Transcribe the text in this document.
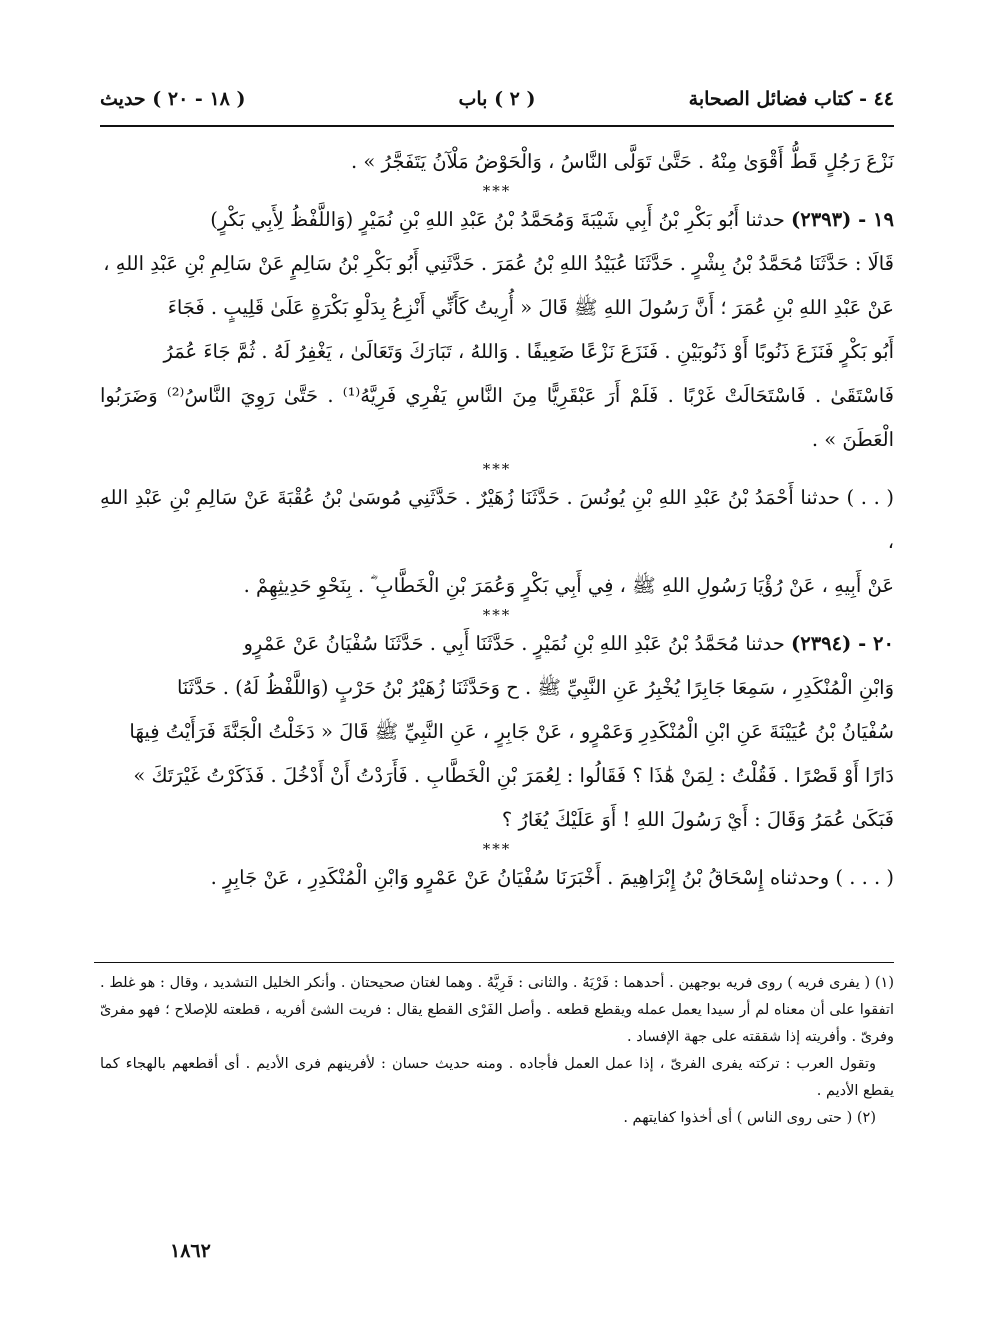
٤٤ - كتاب فضائل الصحابة
( ٢ ) باب
( ١٨ - ٢٠ ) حديث

نَزْعَ رَجُلٍ قَطُّ أَقْوَىٰ مِنْهُ . حَتَّىٰ تَوَلَّى النَّاسُ ، وَالْحَوْضُ مَلْآنُ يَتَفَجَّرُ » .

***

١٩ - (٢٣٩٣) حدثنا أَبُو بَكْرِ بْنُ أَبِي شَيْبَةَ وَمُحَمَّدُ بْنُ عَبْدِ اللهِ بْنِ نُمَيْرٍ (وَاللَّفْظُ لِأَبِي بَكْرٍ)

قَالَا : حَدَّثَنَا مُحَمَّدُ بْنُ بِشْرٍ . حَدَّثَنَا عُبَيْدُ اللهِ بْنُ عُمَرَ . حَدَّثَنِي أَبُو بَكْرِ بْنُ سَالِمٍ عَنْ سَالِمِ بْنِ عَبْدِ اللهِ ،

عَنْ عَبْدِ اللهِ بْنِ عُمَرَ ؛ أَنَّ رَسُولَ اللهِ ﷺ قَالَ « أُرِيتُ كَأَنِّي أَنْزِعُ بِدَلْوِ بَكْرَةٍ عَلَىٰ قَلِيبٍ . فَجَاءَ

أَبُو بَكْرٍ فَنَزَعَ ذَنُوبًا أَوْ ذَنُوبَيْنِ . فَنَزَعَ نَزْعًا ضَعِيفًا . وَاللهُ ، تَبَارَكَ وَتَعَالَىٰ ، يَغْفِرُ لَهُ . ثُمَّ جَاءَ عُمَرُ

فَاسْتَقَىٰ . فَاسْتَحَالَتْ غَرْبًا . فَلَمْ أَرَ عَبْقَرِيًّا مِنَ النَّاسِ يَفْرِي فَرِيَّهُ⁽¹⁾ . حَتَّىٰ رَوِيَ النَّاسُ⁽²⁾ وَضَرَبُوا الْعَطَنَ » .

***

( . . ) حدثنا أَحْمَدُ بْنُ عَبْدِ اللهِ بْنِ يُونُسَ . حَدَّثَنَا زُهَيْرٌ . حَدَّثَنِي مُوسَىٰ بْنُ عُقْبَةَ عَنْ سَالِمِ بْنِ عَبْدِ اللهِ ،

عَنْ أَبِيهِ ، عَنْ رُؤْيَا رَسُولِ اللهِ ﷺ ، فِي أَبِي بَكْرٍ وَعُمَرَ بْنِ الْخَطَّابِ ؓ . بِنَحْوِ حَدِيثِهِمْ .

***

٢٠ - (٢٣٩٤) حدثنا مُحَمَّدُ بْنُ عَبْدِ اللهِ بْنِ نُمَيْرٍ . حَدَّثَنَا أَبِي . حَدَّثَنَا سُفْيَانُ عَنْ عَمْرٍو

وَابْنِ الْمُنْكَدِرِ ، سَمِعَا جَابِرًا يُخْبِرُ عَنِ النَّبِيِّ ﷺ . ح وَحَدَّثَنَا زُهَيْرُ بْنُ حَرْبٍ (وَاللَّفْظُ لَهُ) . حَدَّثَنَا

سُفْيَانُ بْنُ عُيَيْنَةَ عَنِ ابْنِ الْمُنْكَدِرِ وَعَمْرٍو ، عَنْ جَابِرٍ ، عَنِ النَّبِيِّ ﷺ قَالَ « دَخَلْتُ الْجَنَّةَ فَرَأَيْتُ فِيهَا

دَارًا أَوْ قَصْرًا . فَقُلْتُ : لِمَنْ هَٰذَا ؟ فَقَالُوا : لِعُمَرَ بْنِ الْخَطَّابِ . فَأَرَدْتُ أَنْ أَدْخُلَ . فَذَكَرْتُ غَيْرَتَكَ »

فَبَكَىٰ عُمَرُ وَقَالَ : أَيْ رَسُولَ اللهِ ! أَوَ عَلَيْكَ يُغَارُ ؟

***

( . . . ) وحدثناه إِسْحَاقُ بْنُ إِبْرَاهِيمَ . أَخْبَرَنَا سُفْيَانُ عَنْ عَمْرٍو وَابْنِ الْمُنْكَدِرِ ، عَنْ جَابِرٍ .

(١) ( يفرى فريه ) روى فريه بوجهين . أحدهما : فَرْيَهُ . والثانى : فَرِيَّهُ . وهما لغتان صحيحتان . وأنكر الخليل التشديد ، وقال : هو غلط . اتفقوا على أن معناه لم أر سيدا يعمل عمله ويقطع قطعه . وأصل الفَرْى القطع يقال : فريت الشئ أفريه ، قطعته للإصلاح ؛ فهو مفرىّ وفرىّ . وأفريته إذا شققته على جهة الإفساد .

وتقول العرب : تركته يفرى الفرىّ ، إذا عمل العمل فأجاده . ومنه حديث حسان : لأفرينهم فرى الأديم . أى أقطعهم بالهجاء كما يقطع الأديم .

(٢) ( حتى روى الناس ) أى أخذوا كفايتهم .

١٨٦٢
